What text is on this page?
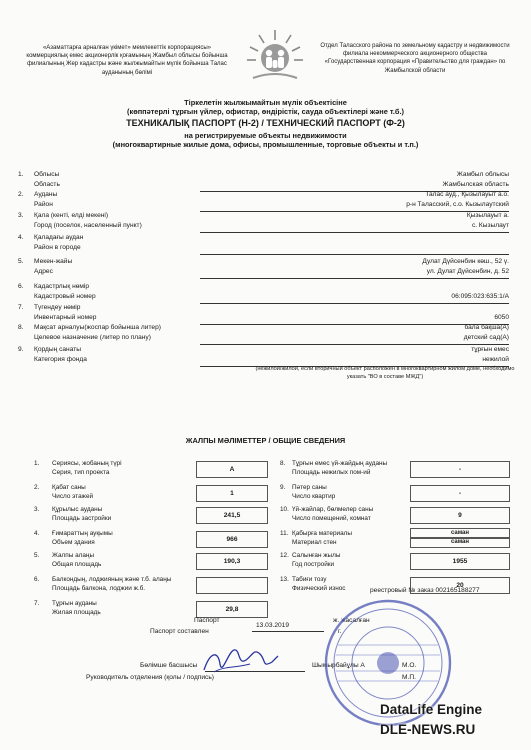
«Азаматтарға арналған үкімет» мемлекеттік корпорациясы» коммерциялық емес акционерлік қоғамының Жамбыл облысы бойынша филиалының Жер кадастры және жылжымайтын мүлік бойынша Талас ауданының бөлімі
Отдел Таласского района по земельному кадастру и недвижимости филиала некоммерческого акционерного общества «Государственная корпорация «Правительство для граждан» по Жамбылской области
Тіркелетін жылжымайтын мүлік объектісіне
(көппәтерлі тұрғын үйлер, офистар, өндірістік, сауда объектілері және т.б.)
ТЕХНИКАЛЫҚ ПАСПОРТ (Н-2) / ТЕХНИЧЕСКИЙ ПАСПОРТ (Ф-2)
на регистрируемые объекты недвижимости
(многоквартирные жилые дома, офисы, промышленные, торговые объекты и т.п.)
1. Облысы	Жамбыл облысы
Область	Жамбылская область
2. Ауданы	Талас ауд., Қызылауыт а.о.
Район	р-н Таласский, с.о. Кызылаутский
3. Қала (кенті, елді мекені)	Қызылауыт а.
Город (поселок, населенный пункт)	с. Кызылаут
4. Қаладағы аудан
Район в городе
5. Мекен-жайы	Дулат Дүйсенбин көш., 52 ү.
Адрес	ул. Дулат Дүйсенбин, д. 52
6. Кадастрлық нөмір
Кадастровый номер	06:095:023:635:1/А
7. Түгендеу нөмір
Инвентарный номер	6050
8. Мақсат арналуы(жоспар бойынша литер)	бала бақша(А)
Целевое назначение (литер по плану)	детский сад(А)
9. Қордың санаты	тұрғын емес
Категория фонда	нежилой
(нежилой/жилой, если вторичный объект расположен в многоквартирном жилом доме, необходимо указать "ВО в составе МЖД")
ЖАЛПЫ МӘЛІМЕТТЕР / ОБЩИЕ СВЕДЕНИЯ
1. Сериясы, жобаның түрі
Серия, тип проекта	А
2. Қабат саны
Число этажей	1
3. Құрылыс ауданы
Площадь застройки	241,5
4. Ғимараттың ауқымы
Объем здания	966
5. Жалпы алаңы
Общая площадь	190,3
6. Балкондың, лоджияның және т.б. алаңы
Площадь балкона, лоджии ж.б.
7. Тұрғын ауданы
Жилая площадь	29,8
8. Тұрғын емес үй-жайдың ауданы
Площадь нежилых пом-ий	-
9. Пәтер саны
Число квартир	-
10. Үй-жайлар, бөлмелер саны
Число помещений, комнат	9
11. Қабырға материалы
Материал стен
саман
саман
12. Салынған жылы
Год постройки	1955
13. Табиғи тозу
Физический износ	20
реестровый № заказ 002165188277
Паспорт
Паспорт составлен
13.03.2019
ж. жасалған
г.
Бөлімше басшысы
Руководитель отделения (қолы / подпись)
Шымырбайұлы А	М.О.
М.П.
DataLife Engine
DLE-NEWS.RU
